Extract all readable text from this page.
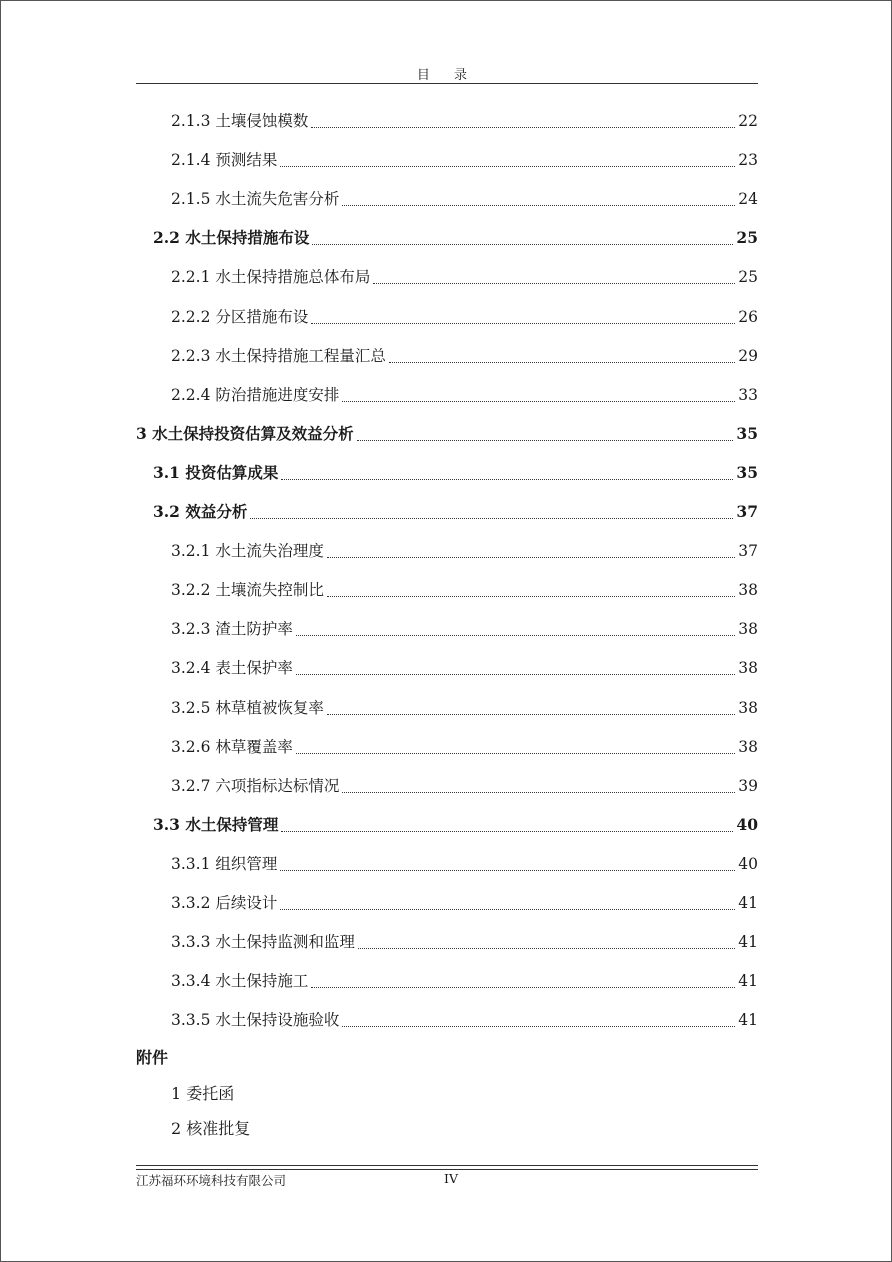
目 录
2.1.3 土壤侵蚀模数	22
2.1.4 预测结果	23
2.1.5 水土流失危害分析	24
2.2 水土保持措施布设	25
2.2.1 水土保持措施总体布局	25
2.2.2 分区措施布设	26
2.2.3 水土保持措施工程量汇总	29
2.2.4 防治措施进度安排	33
3 水土保持投资估算及效益分析	35
3.1 投资估算成果	35
3.2 效益分析	37
3.2.1 水土流失治理度	37
3.2.2 土壤流失控制比	38
3.2.3 渣土防护率	38
3.2.4 表土保护率	38
3.2.5 林草植被恢复率	38
3.2.6 林草覆盖率	38
3.2.7 六项指标达标情况	39
3.3 水土保持管理	40
3.3.1 组织管理	40
3.3.2 后续设计	41
3.3.3 水土保持监测和监理	41
3.3.4 水土保持施工	41
3.3.5 水土保持设施验收	41
附件
1 委托函
2 核准批复
江苏福环环境科技有限公司	IV
